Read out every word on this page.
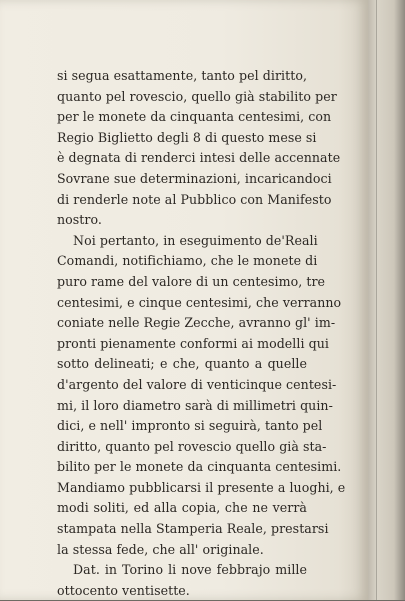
si segua esattamente, tanto pel diritto,
quanto pel rovescio, quello già stabilito per
per le monete da cinquanta centesimi, con
Regio Biglietto degli 8 di questo mese si
è degnata di renderci intesi delle accennate
Sovrane sue determinazioni, incaricandoci
di renderle note al Pubblico con Manifesto
nostro.
Noi pertanto, in eseguimento de'Reali
Comandi, notifichiamo, che le monete di
puro rame del valore di un centesimo, tre
centesimi, e cinque centesimi, che verranno
coniate nelle Regie Zecche, avranno gl' im-
pronti pienamente conformi ai modelli qui
sotto delineati; e che, quanto a quelle
d'argento del valore di venticinque centesi-
mi, il loro diametro sarà di millimetri quin-
dici, e nell' impronto si seguirà, tanto pel
diritto, quanto pel rovescio quello già sta-
bilito per le monete da cinquanta centesimi.
Mandiamo pubblicarsi il presente a luoghi, e
modi soliti, ed alla copia, che ne verrà
stampata nella Stamperia Reale, prestarsi
la stessa fede, che all' originale.
Dat. in Torino li nove febbrajo mille
ottocento ventisette.
